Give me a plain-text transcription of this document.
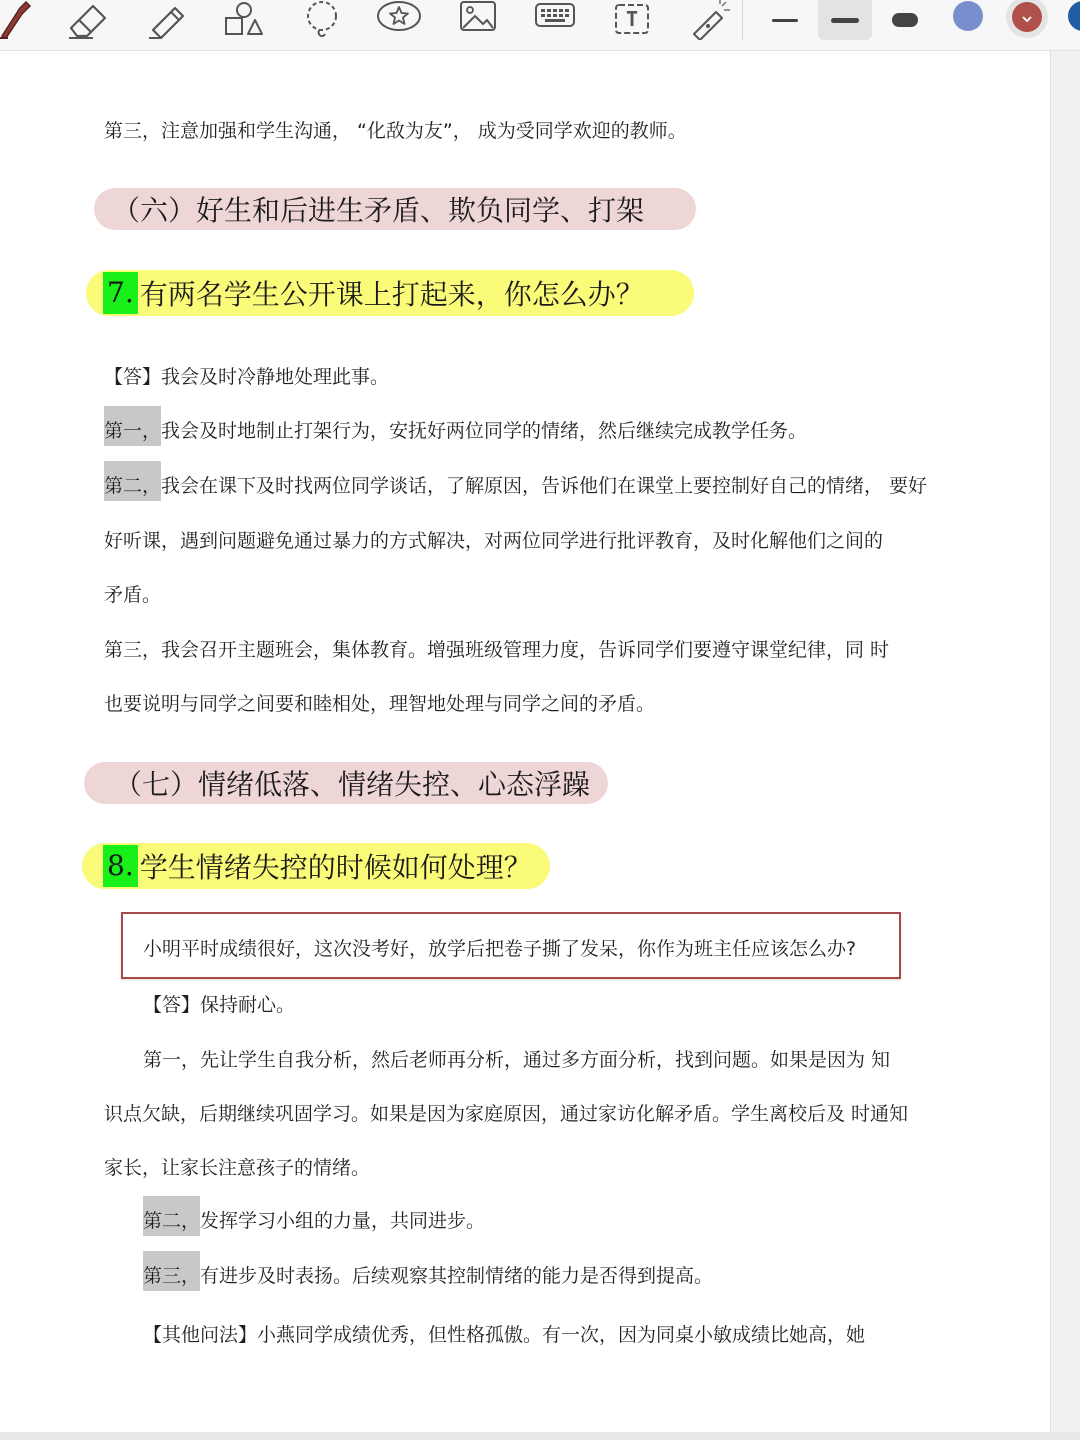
T
第三，注意加强和学生沟通， “化敌为友”， 成为受同学欢迎的教师。
（六）好生和后进生矛盾、欺负同学、打架
7. 有两名学生公开课上打起来，你怎么办？
【答】我会及时冷静地处理此事。
第一，我会及时地制止打架行为，安抚好两位同学的情绪，然后继续完成教学任务。
第二，我会在课下及时找两位同学谈话，了解原因，告诉他们在课堂上要控制好自己的情绪， 要好
好听课，遇到问题避免通过暴力的方式解决，对两位同学进行批评教育，及时化解他们之间的
矛盾。
第三，我会召开主题班会，集体教育。增强班级管理力度，告诉同学们要遵守课堂纪律，同 时
也要说明与同学之间要和睦相处，理智地处理与同学之间的矛盾。
（七）情绪低落、情绪失控、心态浮躁
8. 学生情绪失控的时候如何处理？
小明平时成绩很好，这次没考好，放学后把卷子撕了发呆，你作为班主任应该怎么办?
【答】保持耐心。
第一，先让学生自我分析，然后老师再分析，通过多方面分析，找到问题。如果是因为 知
识点欠缺，后期继续巩固学习。如果是因为家庭原因，通过家访化解矛盾。学生离校后及 时通知
家长，让家长注意孩子的情绪。
第二，发挥学习小组的力量，共同进步。
第三，有进步及时表扬。后续观察其控制情绪的能力是否得到提高。
【其他问法】小燕同学成绩优秀，但性格孤傲。有一次，因为同桌小敏成绩比她高，她
